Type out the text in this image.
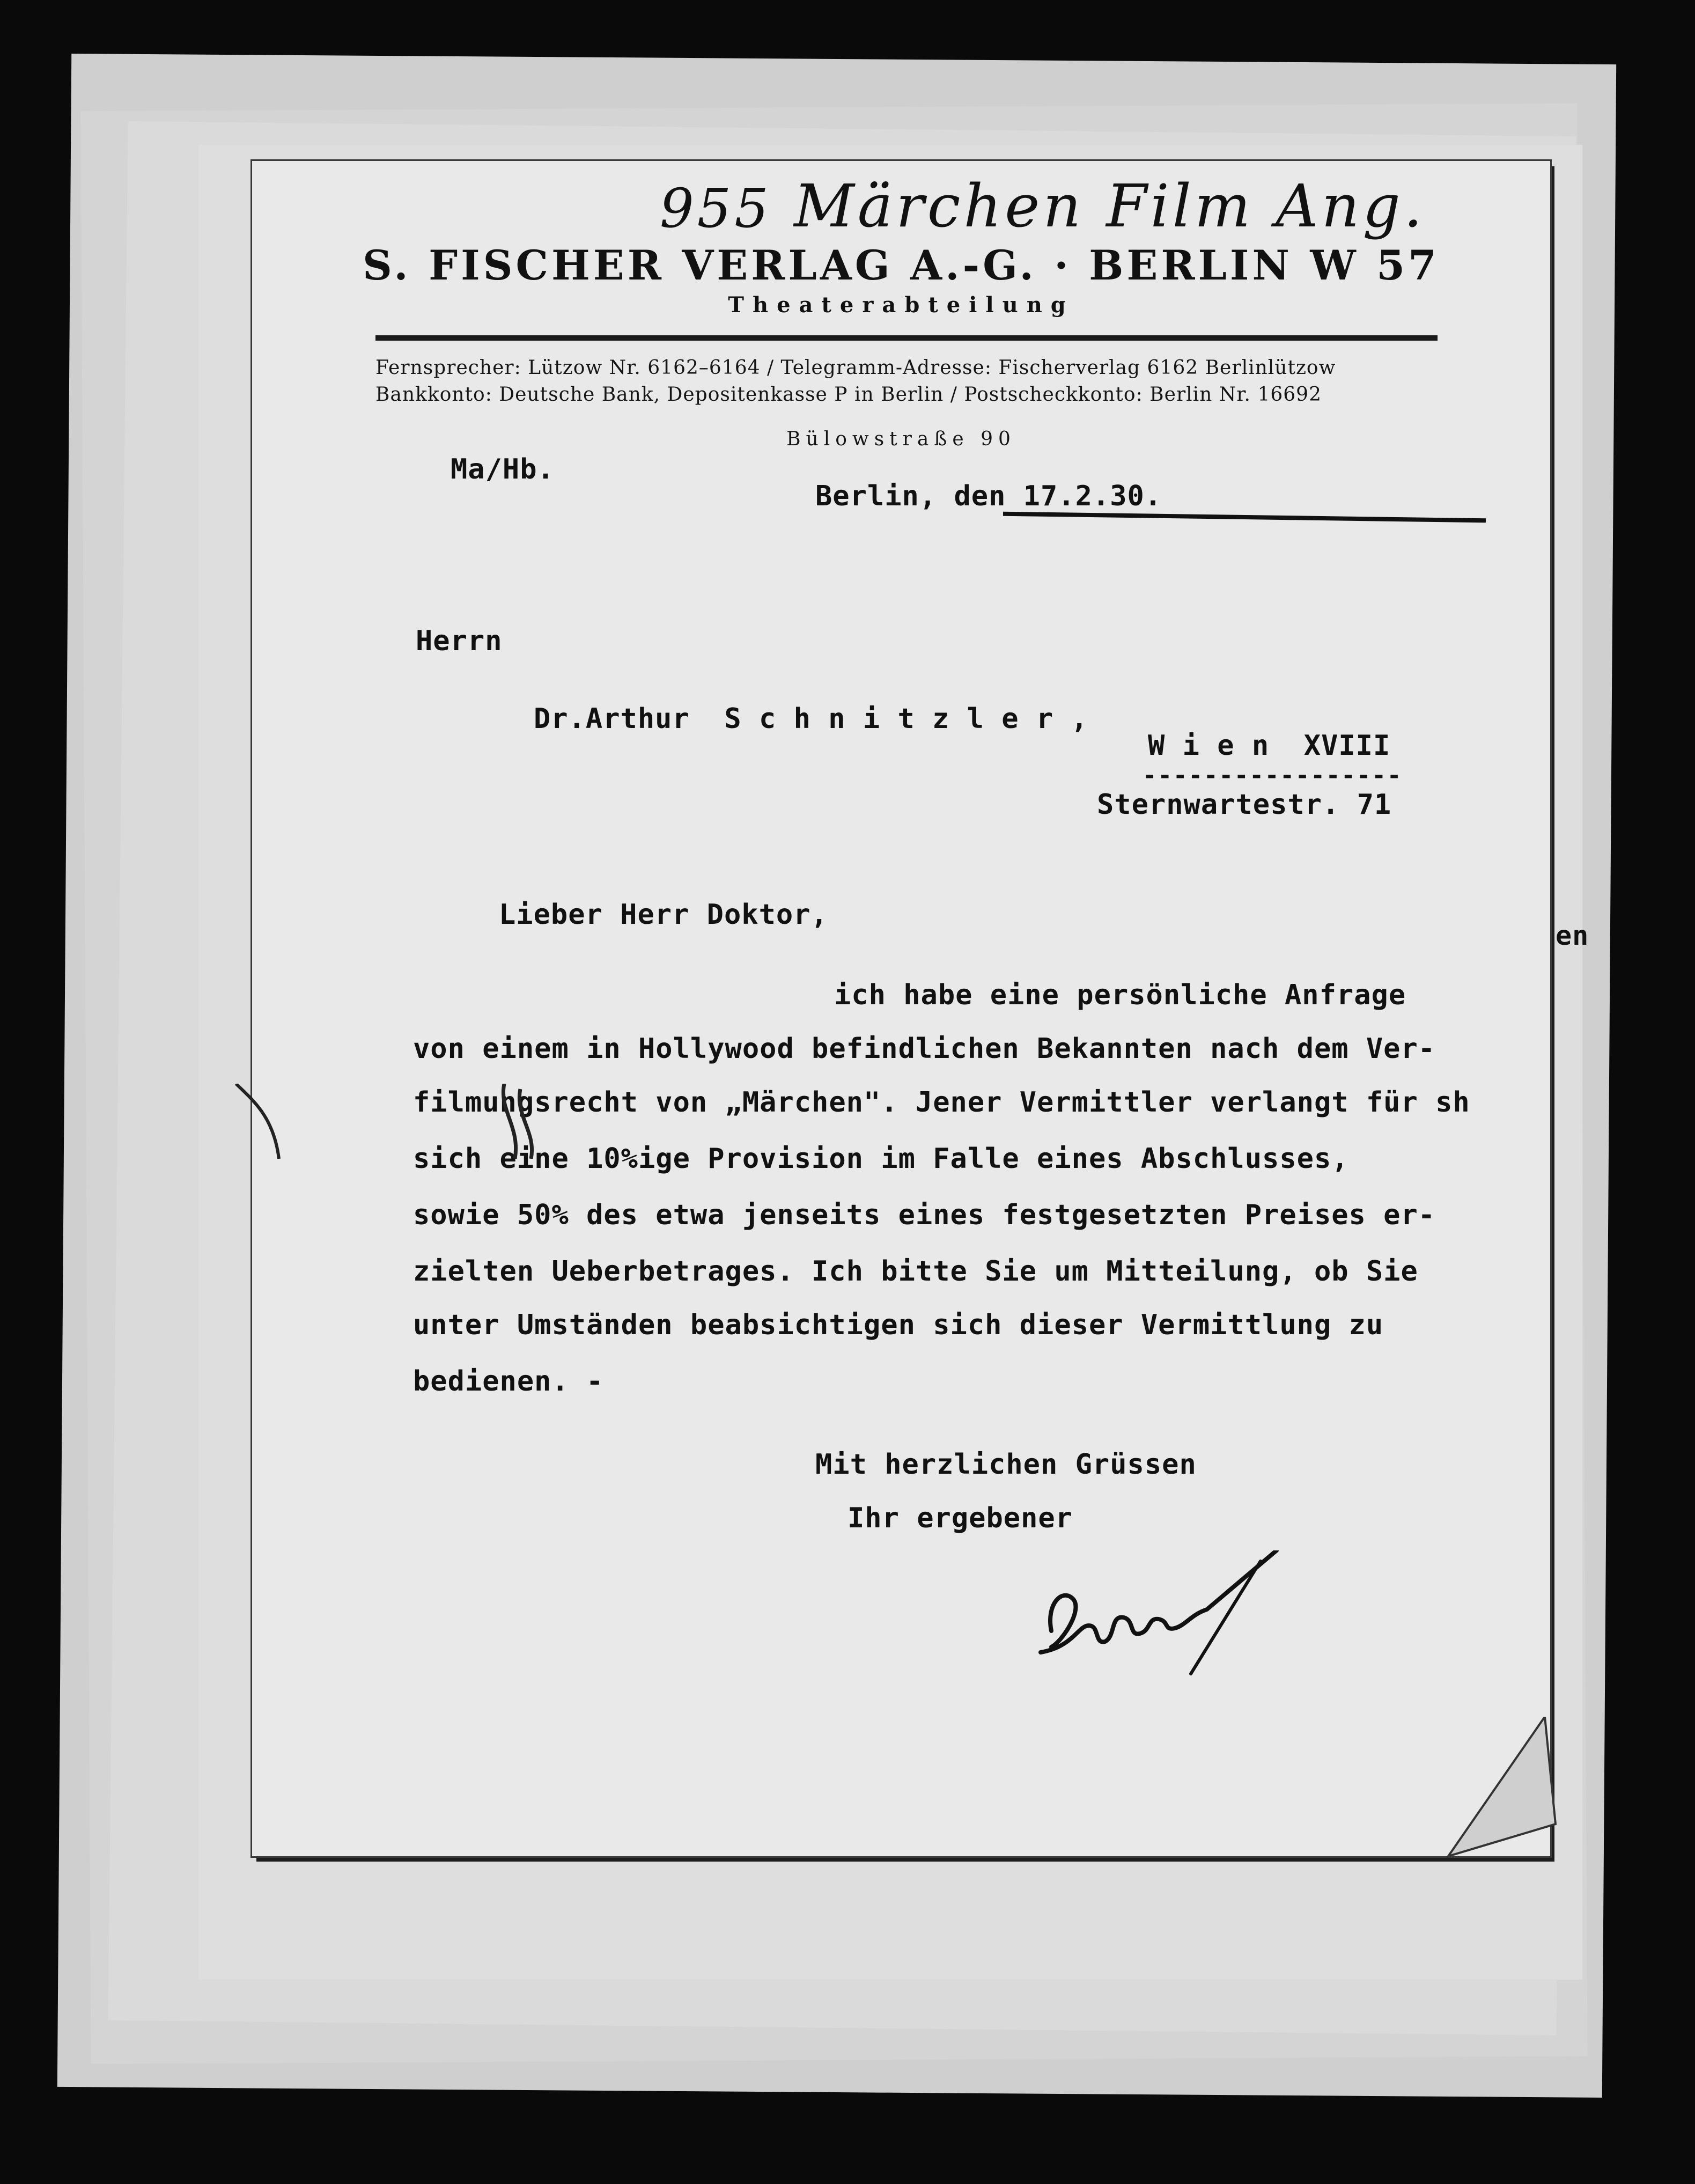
en
955 Märchen Film Ang.
S. FISCHER VERLAG A.-G. · BERLIN W 57
Theaterabteilung
Fernsprecher: Lützow Nr. 6162–6164 / Telegramm-Adresse: Fischerverlag 6162 Berlinlützow
Bankkonto: Deutsche Bank, Depositenkasse P in Berlin / Postscheckkonto: Berlin Nr. 16692
Bülowstraße 90
Ma/Hb.
Berlin, den 17.2.30.
Herrn
Dr.Arthur  S c h n i t z l e r ,
W i e n  XVIII
-----------------
Sternwartestr. 71
Lieber Herr Doktor,
ich habe eine persönliche Anfrage
von einem in Hollywood befindlichen Bekannten nach dem Ver-
filmungsrecht von „Märchen". Jener Vermittler verlangt für sh
sich eine 10%ige Provision im Falle eines Abschlusses,
sowie 50% des etwa jenseits eines festgesetzten Preises er-
zielten Ueberbetrages. Ich bitte Sie um Mitteilung, ob Sie
unter Umständen beabsichtigen sich dieser Vermittlung zu
bedienen. -
Mit herzlichen Grüssen
Ihr ergebener
